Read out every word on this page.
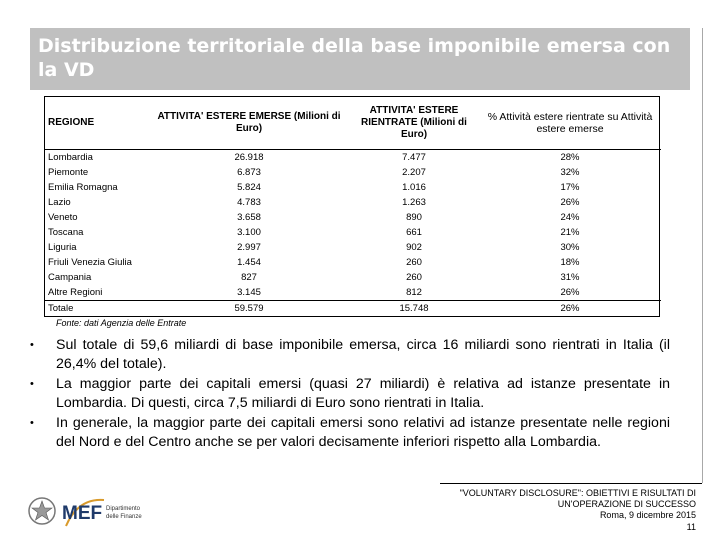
Distribuzione territoriale della base imponibile emersa con la VD
REGIONE	ATTIVITA' ESTERE EMERSE (Milioni di Euro)	ATTIVITA' ESTERE RIENTRATE (Milioni di Euro)	% Attività estere rientrate su Attività estere emerse
Lombardia	26.918	7.477	28%
Piemonte	6.873	2.207	32%
Emilia Romagna	5.824	1.016	17%
Lazio	4.783	1.263	26%
Veneto	3.658	890	24%
Toscana	3.100	661	21%
Liguria	2.997	902	30%
Friuli Venezia Giulia	1.454	260	18%
Campania	827	260	31%
Altre Regioni	3.145	812	26%
Totale	59.579	15.748	26%
Fonte: dati Agenzia delle Entrate
• Sul totale di 59,6 miliardi di base imponibile emersa, circa 16 miliardi sono rientrati in Italia (il 26,4% del totale).
• La maggior parte dei capitali emersi (quasi 27 miliardi) è relativa ad istanze presentate in Lombardia. Di questi, circa 7,5 miliardi di Euro sono rientrati in Italia.
• In generale, la maggior parte dei capitali emersi sono relativi ad istanze presentate nelle regioni del Nord e del Centro anche se per valori decisamente inferiori rispetto alla Lombardia.
MEF Dipartimento delle Finanze
"VOLUNTARY DISCLOSURE": OBIETTIVI E RISULTATI DI
UN'OPERAZIONE DI SUCCESSO
Roma, 9 dicembre 2015
11
